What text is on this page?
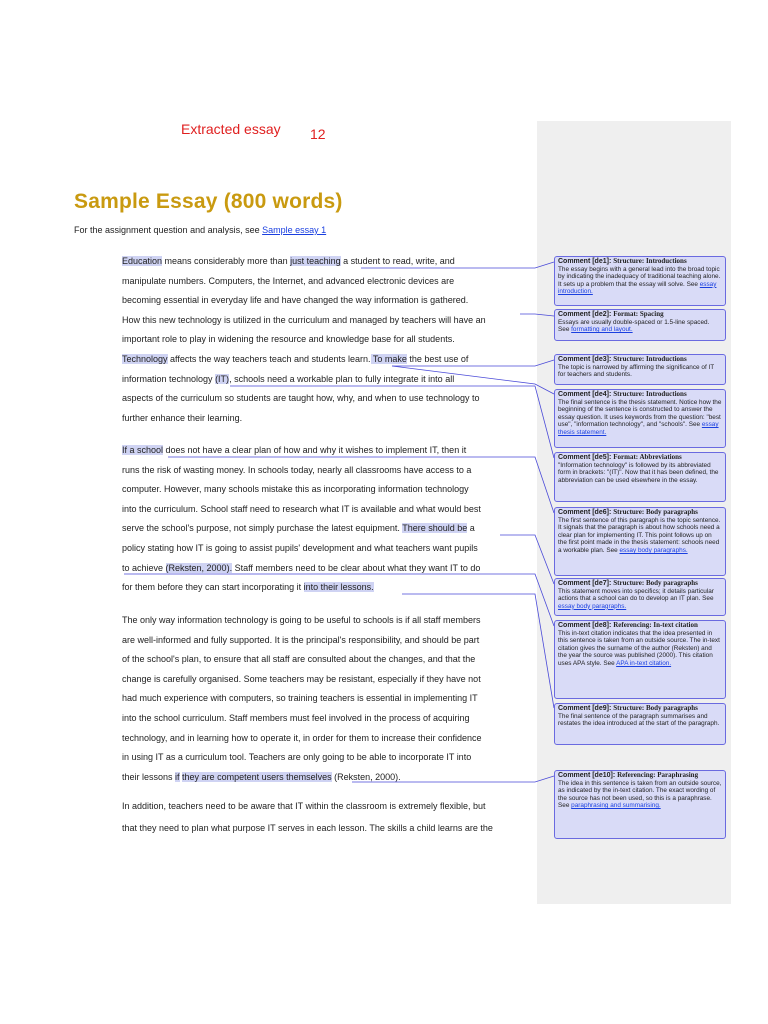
Extracted essay 12
Sample Essay (800 words)
For the assignment question and analysis, see Sample essay 1
Education means considerably more than just teaching a student to read, write, and
manipulate numbers. Computers, the Internet, and advanced electronic devices are
becoming essential in everyday life and have changed the way information is gathered.
How this new technology is utilized in the curriculum and managed by teachers will have an
important role to play in widening the resource and knowledge base for all students.
Technology affects the way teachers teach and students learn. To make the best use of
information technology (IT), schools need a workable plan to fully integrate it into all
aspects of the curriculum so students are taught how, why, and when to use technology to
further enhance their learning.
If a school does not have a clear plan of how and why it wishes to implement IT, then it
runs the risk of wasting money. In schools today, nearly all classrooms have access to a
computer. However, many schools mistake this as incorporating information technology
into the curriculum. School staff need to research what IT is available and what would best
serve the school's purpose, not simply purchase the latest equipment. There should be a
policy stating how IT is going to assist pupils' development and what teachers want pupils
to achieve (Reksten, 2000). Staff members need to be clear about what they want IT to do
for them before they can start incorporating it into their lessons.
The only way information technology is going to be useful to schools is if all staff members
are well-informed and fully supported. It is the principal's responsibility, and should be part
of the school's plan, to ensure that all staff are consulted about the changes, and that the
change is carefully organised. Some teachers may be resistant, especially if they have not
had much experience with computers, so training teachers is essential in implementing IT
into the school curriculum. Staff members must feel involved in the process of acquiring
technology, and in learning how to operate it, in order for them to increase their confidence
in using IT as a curriculum tool. Teachers are only going to be able to incorporate IT into
their lessons if they are competent users themselves (Reksten, 2000).
In addition, teachers need to be aware that IT within the classroom is extremely flexible, but
that they need to plan what purpose IT serves in each lesson. The skills a child learns are the
Comment [de1]: Structure: Introductions
The essay begins with a general lead into the broad topic by indicating the inadequacy of traditional teaching alone. It sets up a problem that the essay will solve. See essay introduction.
Comment [de2]: Format: Spacing
Essays are usually double-spaced or 1.5-line spaced. See formatting and layout.
Comment [de3]: Structure: Introductions
The topic is narrowed by affirming the significance of IT for teachers and students.
Comment [de4]: Structure: Introductions
The final sentence is the thesis statement. Notice how the beginning of the sentence is constructed to answer the essay question. It uses keywords from the question: "best use", "information technology", and "schools". See essay thesis statement.
Comment [de5]: Format: Abbreviations
"Information technology" is followed by its abbreviated form in brackets: "(IT)". Now that it has been defined, the abbreviation can be used elsewhere in the essay.
Comment [de6]: Structure: Body paragraphs
The first sentence of this paragraph is the topic sentence. It signals that the paragraph is about how schools need a clear plan for implementing IT. This point follows up on the first point made in the thesis statement: schools need a workable plan. See essay body paragraphs.
Comment [de7]: Structure: Body paragraphs
This statement moves into specifics; it details particular actions that a school can do to develop an IT plan. See essay body paragraphs.
Comment [de8]: Referencing: In-text citation
This in-text citation indicates that the idea presented in this sentence is taken from an outside source. The in-text citation gives the surname of the author (Reksten) and the year the source was published (2000). This citation uses APA style. See APA in-text citation.
Comment [de9]: Structure: Body paragraphs
The final sentence of the paragraph summarises and restates the idea introduced at the start of the paragraph.
Comment [de10]: Referencing: Paraphrasing
The idea in this sentence is taken from an outside source, as indicated by the in-text citation. The exact wording of the source has not been used, so this is a paraphrase. See paraphrasing and summarising.
